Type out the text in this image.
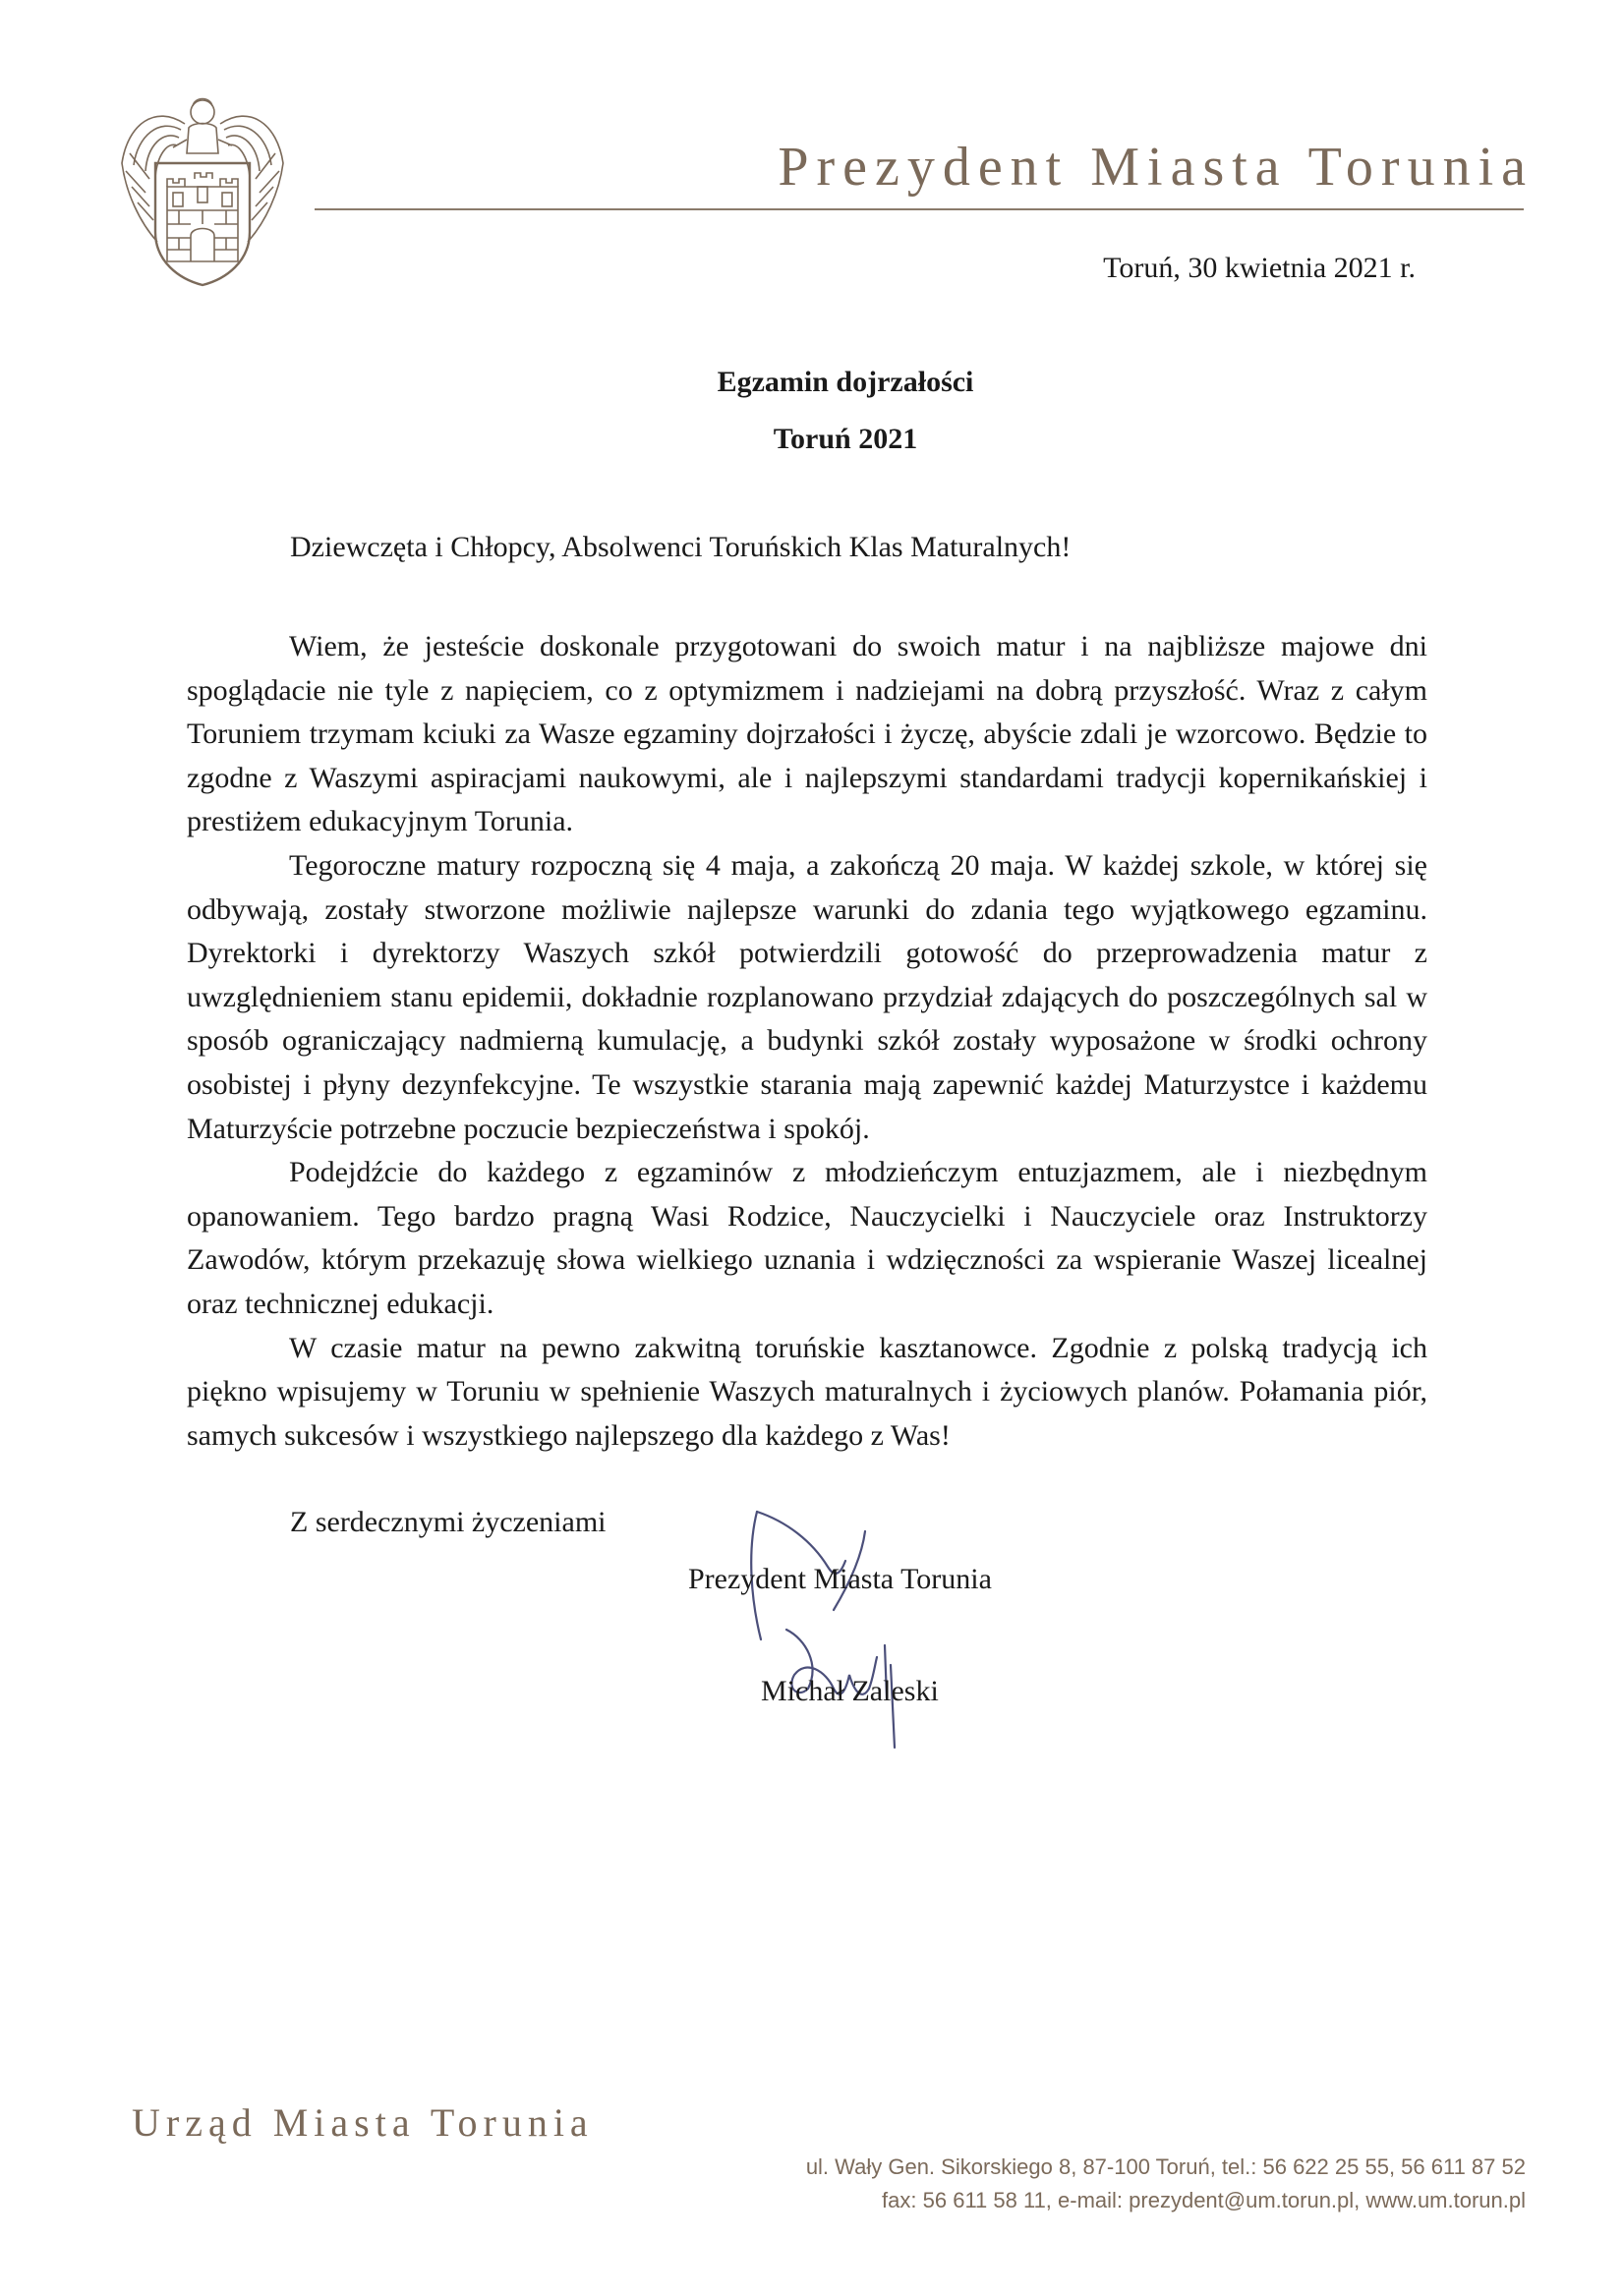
Prezydent Miasta Torunia
Toruń, 30 kwietnia 2021 r.
Egzamin dojrzałości
Toruń 2021
Dziewczęta i Chłopcy, Absolwenci Toruńskich Klas Maturalnych!

Wiem, że jesteście doskonale przygotowani do swoich matur i na najbliższe majowe dni spoglądacie nie tyle z napięciem, co z optymizmem i nadziejami na dobrą przyszłość. Wraz z całym Toruniem trzymam kciuki za Wasze egzaminy dojrzałości i życzę, abyście zdali je wzorcowo. Będzie to zgodne z Waszymi aspiracjami naukowymi, ale i najlepszymi standardami tradycji kopernikańskiej i prestiżem edukacyjnym Torunia.

Tegoroczne matury rozpoczną się 4 maja, a zakończą 20 maja. W każdej szkole, w której się odbywają, zostały stworzone możliwie najlepsze warunki do zdania tego wyjątkowego egzaminu. Dyrektorki i dyrektorzy Waszych szkół potwierdzili gotowość do przeprowadzenia matur z uwzględnieniem stanu epidemii, dokładnie rozplanowano przydział zdających do poszczególnych sal w sposób ograniczający nadmierną kumulację, a budynki szkół zostały wyposażone w środki ochrony osobistej i płyny dezynfekcyjne. Te wszystkie starania mają zapewnić każdej Maturzystce i każdemu Maturzyście potrzebne poczucie bezpieczeństwa i spokój.

Podejdźcie do każdego z egzaminów z młodzieńczym entuzjazmem, ale i niezbędnym opanowaniem. Tego bardzo pragną Wasi Rodzice, Nauczycielki i Nauczyciele oraz Instruktorzy Zawodów, którym przekazuję słowa wielkiego uznania i wdzięczności za wspieranie Waszej licealnej oraz technicznej edukacji.

W czasie matur na pewno zakwitną toruńskie kasztanowce. Zgodnie z polską tradycją ich piękno wpisujemy w Toruniu w spełnienie Waszych maturalnych i życiowych planów. Połamania piór, samych sukcesów i wszystkiego najlepszego dla każdego z Was!

Z serdecznymi życzeniami
Prezydent Miasta Torunia
Michał Zaleski
Urząd Miasta Torunia
ul. Wały Gen. Sikorskiego 8, 87-100 Toruń, tel.: 56 622 25 55, 56 611 87 52
fax: 56 611 58 11, e-mail: prezydent@um.torun.pl, www.um.torun.pl
